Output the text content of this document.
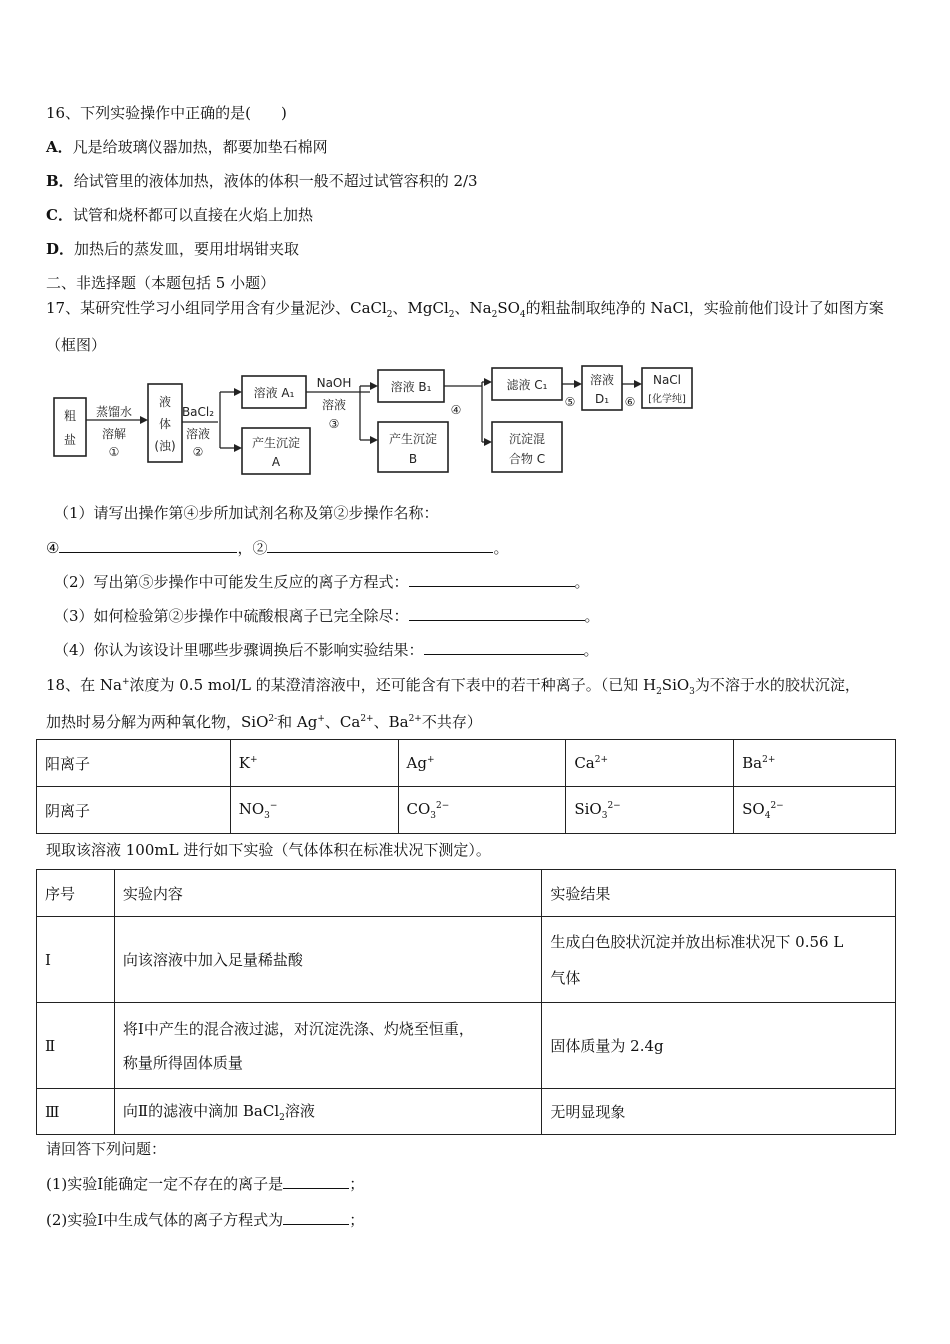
16、下列实验操作中正确的是(　　)
A．凡是给玻璃仪器加热，都要加垫石棉网
B．给试管里的液体加热，液体的体积一般不超过试管容积的 2/3
C．试管和烧杯都可以直接在火焰上加热
D．加热后的蒸发皿，要用坩埚钳夹取
二、非选择题（本题包括 5 小题）
17、某研究性学习小组同学用含有少量泥沙、CaCl$_2$、MgCl$_2$、$Na_2SO_4$的粗盐制取纯净的 NaCl，实验前他们设计了如图方案
（框图）
粗
盐
蒸馏水
溶解
①
液
体
(浊)
BaCl₂
溶液
②
溶液 A₁
产生沉淀
A
NaOH
溶液
③
溶液 B₁
产生沉淀
B
④
滤液 C₁
沉淀混
合物 C
⑤
溶液
D₁ ⑥
NaCl
[化学纯]
（1）请写出操作第④步所加试剂名称及第②步操作名称：
④	，②	。
（2）写出第⑤步操作中可能发生反应的离子方程式：	。
（3）如何检验第②步操作中硫酸根离子已完全除尽：	。
（4）你认为该设计里哪些步骤调换后不影响实验结果：	。
18、在 Na+浓度为 0.5 mol/L 的某澄清溶液中，还可能含有下表中的若干种离子。（已知 $H_2SiO_3$为不溶于水的胶状沉淀，
加热时易分解为两种氧化物，SiO$^{2-}$和 Ag+、$Ca^{2+}$、$Ba^{2+}$不共存）
阳离子	K+	Ag+	$Ca^{2+}$	$Ba^{2+}$
阴离子	$NO_3^-$	$CO_3^{2-}$	SiO$_3^{2-}$	$SO_4^{2-}$
现取该溶液 100mL 进行如下实验（气体体积在标准状况下测定）。
序号	实验内容	实验结果
Ⅰ	向该溶液中加入足量稀盐酸	生成白色胶状沉淀并放出标准状况下 0.56 L
气体
Ⅱ	将Ⅰ中产生的混合液过滤，对沉淀洗涤、灼烧至恒重，
称量所得固体质量	固体质量为 2.4g
Ⅲ	向Ⅱ的滤液中滴加 BaCl$_2$溶液	无明显现象
请回答下列问题：
(1)实验Ⅰ能确定一定不存在的离子是	；
(2)实验Ⅰ中生成气体的离子方程式为	；
